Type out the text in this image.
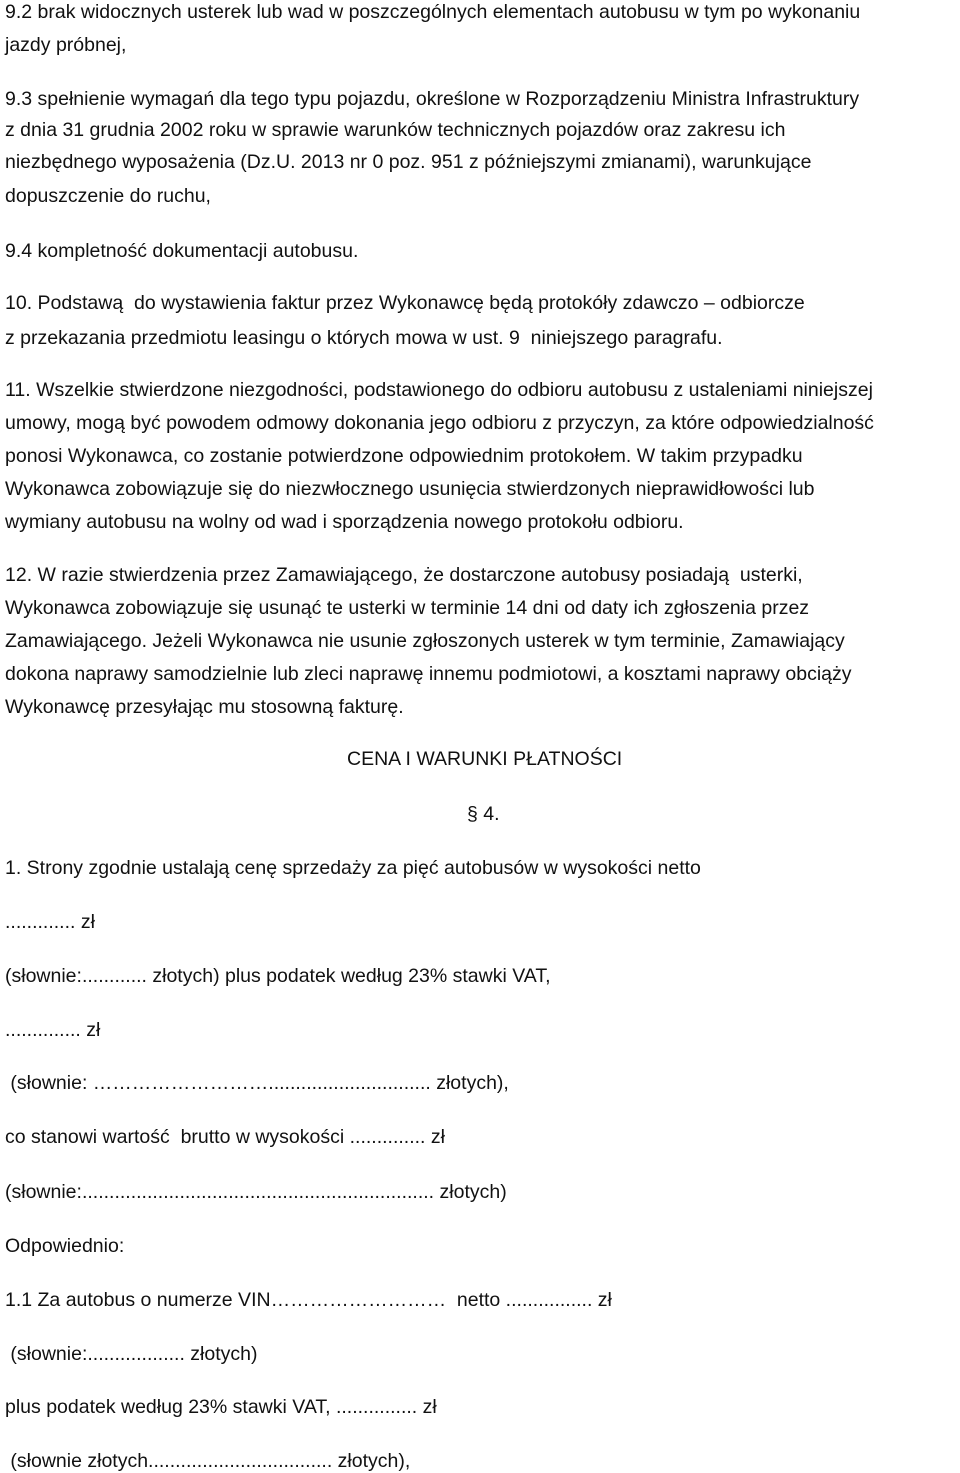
9.2 brak widocznych usterek lub wad w poszczególnych elementach autobusu w tym po wykonaniu

jazdy próbnej,

9.3 spełnienie wymagań dla tego typu pojazdu, określone w Rozporządzeniu Ministra Infrastruktury

z dnia 31 grudnia 2002 roku w sprawie warunków technicznych pojazdów oraz zakresu ich

niezbędnego wyposażenia (Dz.U. 2013 nr 0 poz. 951 z późniejszymi zmianami), warunkujące

dopuszczenie do ruchu,

9.4 kompletność dokumentacji autobusu.

10. Podstawą  do wystawienia faktur przez Wykonawcę będą protokóły zdawczo – odbiorcze

z przekazania przedmiotu leasingu o których mowa w ust. 9  niniejszego paragrafu.

11. Wszelkie stwierdzone niezgodności, podstawionego do odbioru autobusu z ustaleniami niniejszej

umowy, mogą być powodem odmowy dokonania jego odbioru z przyczyn, za które odpowiedzialność

ponosi Wykonawca, co zostanie potwierdzone odpowiednim protokołem. W takim przypadku

Wykonawca zobowiązuje się do niezwłocznego usunięcia stwierdzonych nieprawidłowości lub

wymiany autobusu na wolny od wad i sporządzenia nowego protokołu odbioru.

12. W razie stwierdzenia przez Zamawiającego, że dostarczone autobusy posiadają  usterki,

Wykonawca zobowiązuje się usunąć te usterki w terminie 14 dni od daty ich zgłoszenia przez

Zamawiającego. Jeżeli Wykonawca nie usunie zgłoszonych usterek w tym terminie, Zamawiający

dokona naprawy samodzielnie lub zleci naprawę innemu podmiotowi, a kosztami naprawy obciąży

Wykonawcę przesyłając mu stosowną fakturę.

CENA I WARUNKI PŁATNOŚCI

§ 4.

1. Strony zgodnie ustalają cenę sprzedaży za pięć autobusów w wysokości netto

............. zł

(słownie:............ złotych) plus podatek według 23% stawki VAT,

.............. zł

(słownie: ……………………….............................. złotych),

co stanowi wartość  brutto w wysokości .............. zł

(słownie:................................................................. złotych)

Odpowiednio:

1.1 Za autobus o numerze VIN………………………  netto ................ zł

(słownie:.................. złotych)

plus podatek według 23% stawki VAT, ............... zł

(słownie złotych.................................. złotych),
